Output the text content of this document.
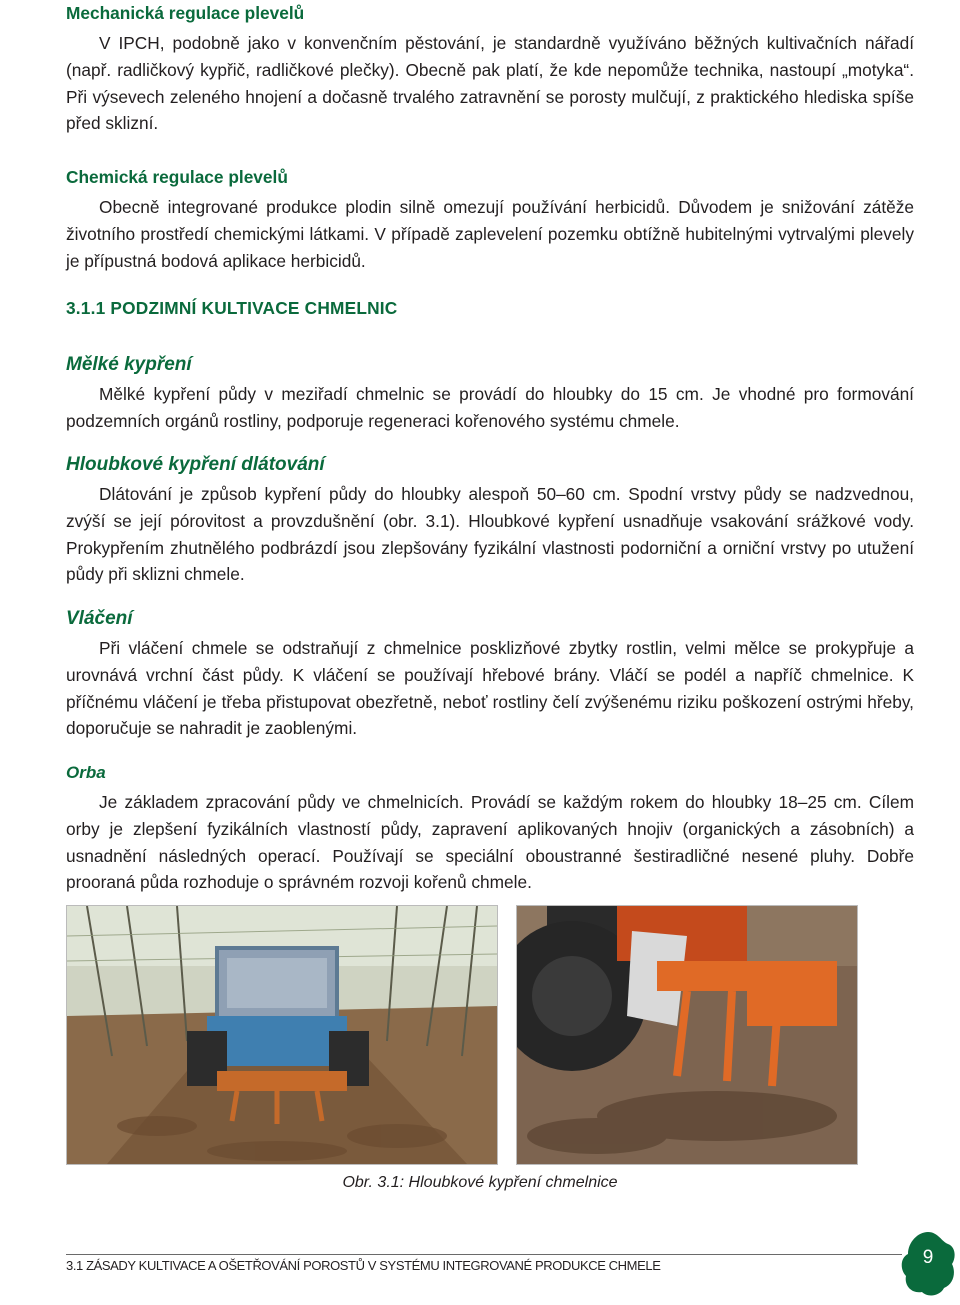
Mechanická regulace plevelů

V IPCH, podobně jako v konvenčním pěstování, je standardně využíváno běžných kultivačních nářadí (např. radličkový kypřič, radličkové plečky). Obecně pak platí, že kde nepomůže technika, nastoupí „motyka“. Při výsevech zeleného hnojení a dočasně trvalého zatravnění se porosty mulčují, z praktického hlediska spíše před sklizní.

Chemická regulace plevelů

Obecně integrované produkce plodin silně omezují používání herbicidů. Důvodem je snižování zátěže životního prostředí chemickými látkami. V případě zaplevelení pozemku obtížně hubitelnými vytrvalými plevely je přípustná bodová aplikace herbicidů.

3.1.1 PODZIMNÍ KULTIVACE CHMELNIC
Mělké kypření

Mělké kypření půdy v meziřadí chmelnic se provádí do hloubky do 15 cm. Je vhodné pro formování podzemních orgánů rostliny, podporuje regeneraci kořenového systému chmele.

Hloubkové kypření dlátování

Dlátování je způsob kypření půdy do hloubky alespoň 50–60 cm. Spodní vrstvy půdy se nadzvednou, zvýší se její pórovitost a provzdušnění (obr. 3.1). Hloubkové kypření usnadňuje vsakování srážkové vody. Prokypřením zhutnělého podbrázdí jsou zlepšovány fyzikální vlastnosti podorniční a orniční vrstvy po utužení půdy při sklizni chmele.

Vláčení

Při vláčení chmele se odstraňují z chmelnice posklizňové zbytky rostlin, velmi mělce se prokypřuje a urovnává vrchní část půdy. K vláčení se používají hřebové brány. Vláčí se podél a napříč chmelnice. K příčnému vláčení je třeba přistupovat obezřetně, neboť rostliny čelí zvýšenému riziku poškození ostrými hřeby, doporučuje se nahradit je zaoblenými.

Orba

Je základem zpracování půdy ve chmelnicích. Provádí se každým rokem do hloubky 18–25 cm. Cílem orby je zlepšení fyzikálních vlastností půdy, zapravení aplikovaných hnojiv (organických a zásobních) a usnadnění následných operací. Používají se speciální oboustranné šestiradličné nesené pluhy. Dobře prooraná půda rozhoduje o správném rozvoji kořenů chmele.

Obr. 3.1: Hloubkové kypření chmelnice
3.1 ZÁSADY KULTIVACE A OŠETŘOVÁNÍ POROSTŮ V SYSTÉMU INTEGROVANÉ PRODUKCE CHMELE	9
